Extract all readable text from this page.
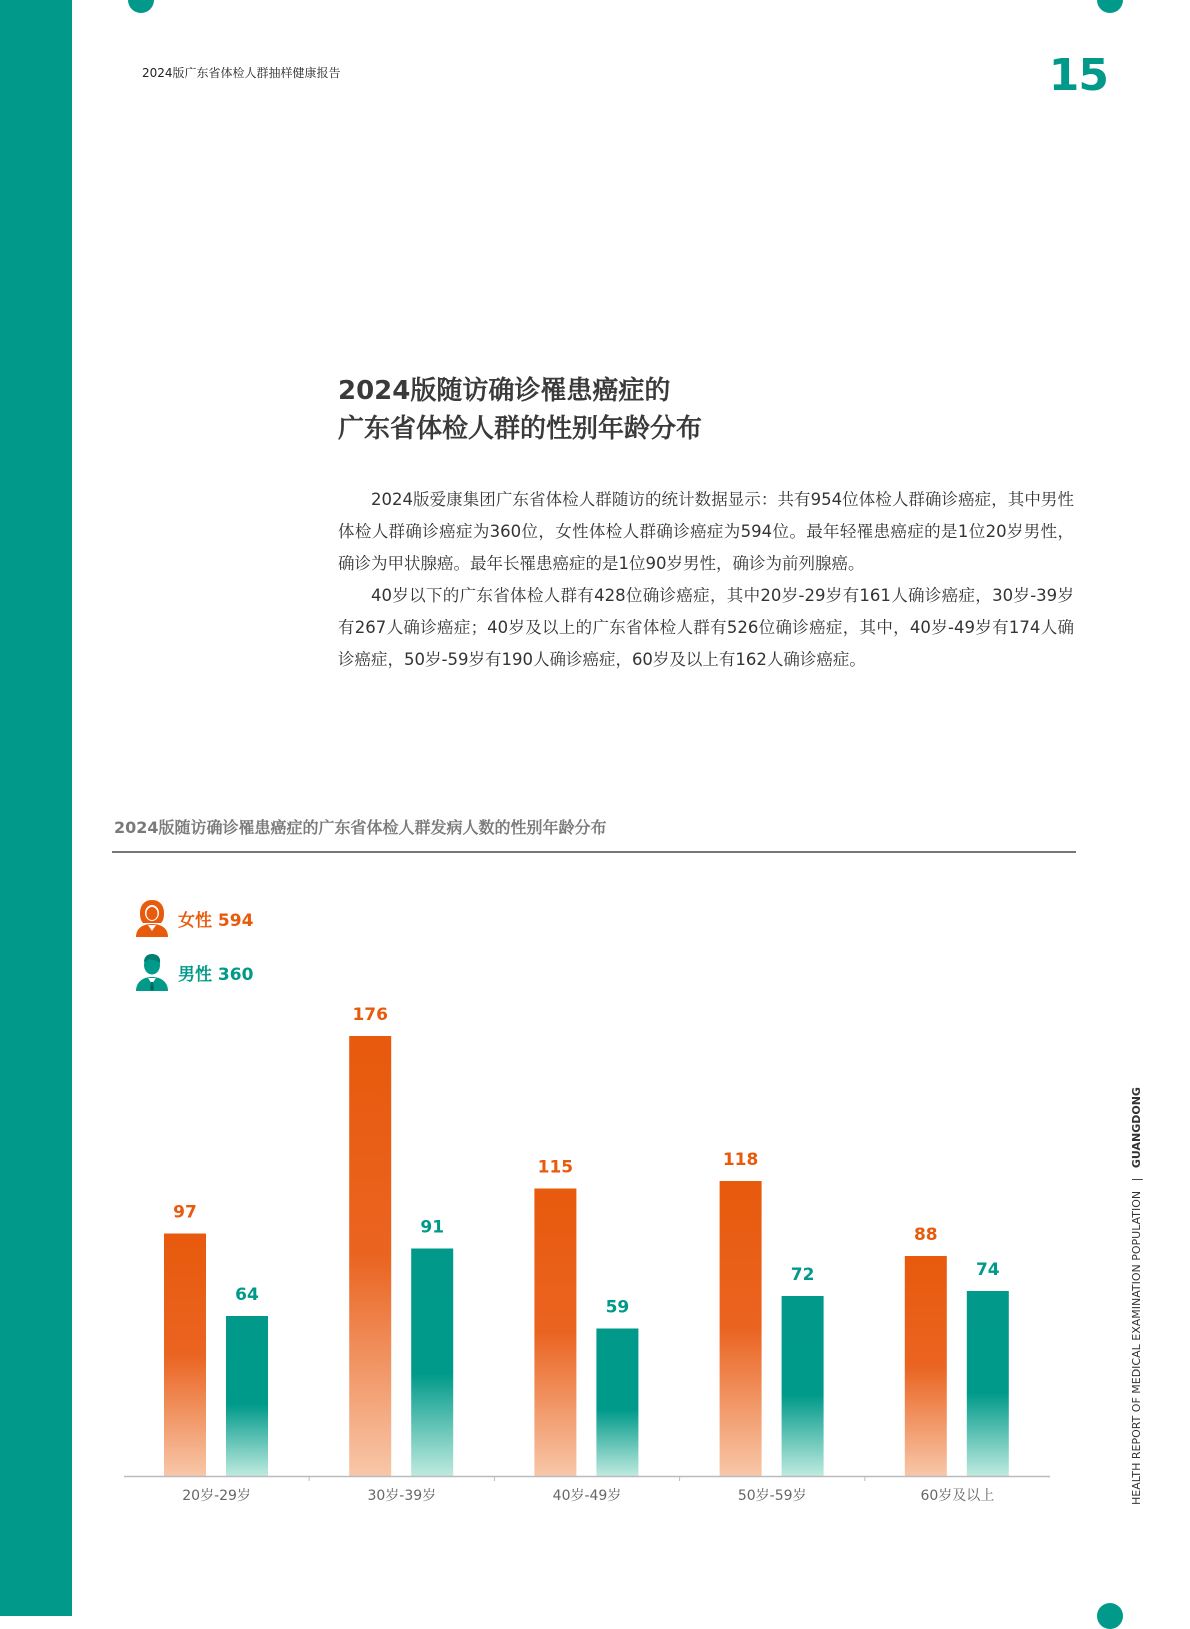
2024版广东省体检人群抽样健康报告	15
2024版随访确诊罹患癌症的
广东省体检人群的性别年龄分布

2024版爱康集团广东省体检人群随访的统计数据显示：共有954位体检人群确诊癌症，其中男性体检人群确诊癌症为360位，女性体检人群确诊癌症为594位。最年轻罹患癌症的是1位20岁男性，确诊为甲状腺癌。最年长罹患癌症的是1位90岁男性，确诊为前列腺癌。

40岁以下的广东省体检人群有428位确诊癌症，其中20岁-29岁有161人确诊癌症，30岁-39岁有267人确诊癌症；40岁及以上的广东省体检人群有526位确诊癌症，其中，40岁-49岁有174人确诊癌症，50岁-59岁有190人确诊癌症，60岁及以上有162人确诊癌症。

2024版随访确诊罹患癌症的广东省体检人群发病人数的性别年龄分布
女性 594
男性 360
97
64
20岁-29岁
176
91
30岁-39岁
115
59
40岁-49岁
118
72
50岁-59岁
88
74
60岁及以上	HEALTH REPORT OF MEDICAL EXAMINATION POPULATION | GUANGDONG
